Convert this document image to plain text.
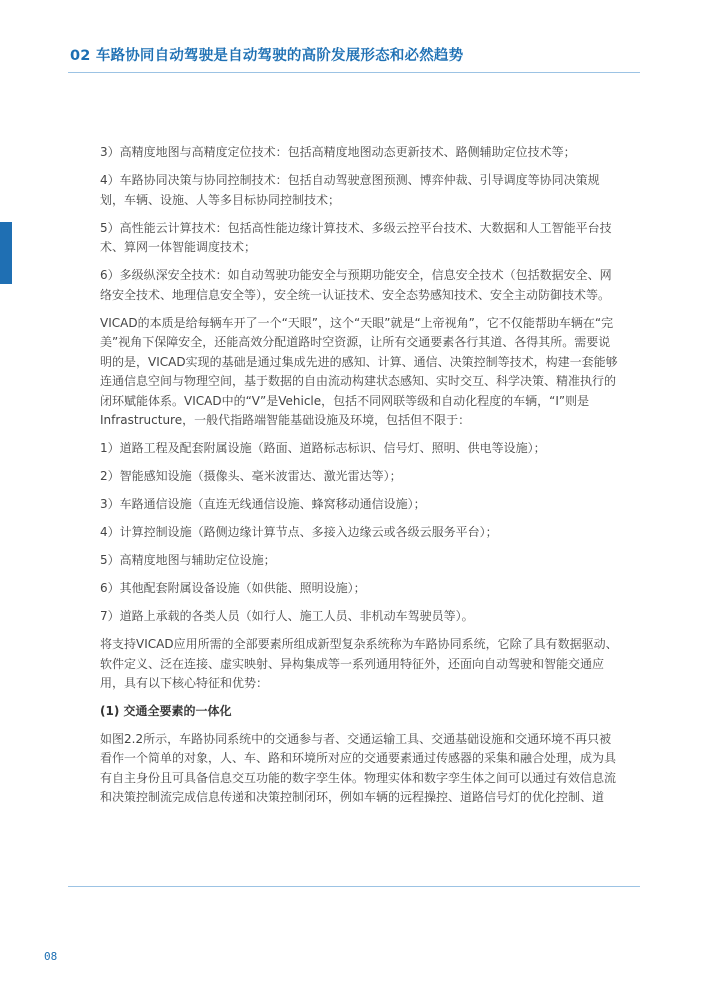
02 车路协同自动驾驶是自动驾驶的高阶发展形态和必然趋势

3）高精度地图与高精度定位技术：包括高精度地图动态更新技术、路侧辅助定位技术等；

4）车路协同决策与协同控制技术：包括自动驾驶意图预测、博弈仲裁、引导调度等协同决策规划，车辆、设施、人等多目标协同控制技术；

5）高性能云计算技术：包括高性能边缘计算技术、多级云控平台技术、大数据和人工智能平台技术、算网一体智能调度技术；

6）多级纵深安全技术：如自动驾驶功能安全与预期功能安全，信息安全技术（包括数据安全、网络安全技术、地理信息安全等），安全统一认证技术、安全态势感知技术、安全主动防御技术等。

VICAD的本质是给每辆车开了一个“天眼”，这个“天眼”就是“上帝视角”，它不仅能帮助车辆在“完美”视角下保障安全，还能高效分配道路时空资源，让所有交通要素各行其道、各得其所。需要说明的是，VICAD实现的基础是通过集成先进的感知、计算、通信、决策控制等技术，构建一套能够连通信息空间与物理空间，基于数据的自由流动构建状态感知、实时交互、科学决策、精准执行的闭环赋能体系。VICAD中的“V”是Vehicle，包括不同网联等级和自动化程度的车辆，“I”则是Infrastructure，一般代指路端智能基础设施及环境，包括但不限于：

1）道路工程及配套附属设施（路面、道路标志标识、信号灯、照明、供电等设施）；

2）智能感知设施（摄像头、毫米波雷达、激光雷达等）；

3）车路通信设施（直连无线通信设施、蜂窝移动通信设施）；

4）计算控制设施（路侧边缘计算节点、多接入边缘云或各级云服务平台）；

5）高精度地图与辅助定位设施；

6）其他配套附属设备设施（如供能、照明设施）；

7）道路上承载的各类人员（如行人、施工人员、非机动车驾驶员等）。

将支持VICAD应用所需的全部要素所组成新型复杂系统称为车路协同系统，它除了具有数据驱动、软件定义、泛在连接、虚实映射、异构集成等一系列通用特征外，还面向自动驾驶和智能交通应用，具有以下核心特征和优势：

(1) 交通全要素的一体化

如图2.2所示，车路协同系统中的交通参与者、交通运输工具、交通基础设施和交通环境不再只被看作一个简单的对象，人、车、路和环境所对应的交通要素通过传感器的采集和融合处理，成为具有自主身份且可具备信息交互功能的数字孪生体。物理实体和数字孪生体之间可以通过有效信息流和决策控制流完成信息传递和决策控制闭环，例如车辆的远程操控、道路信号灯的优化控制、道

08
